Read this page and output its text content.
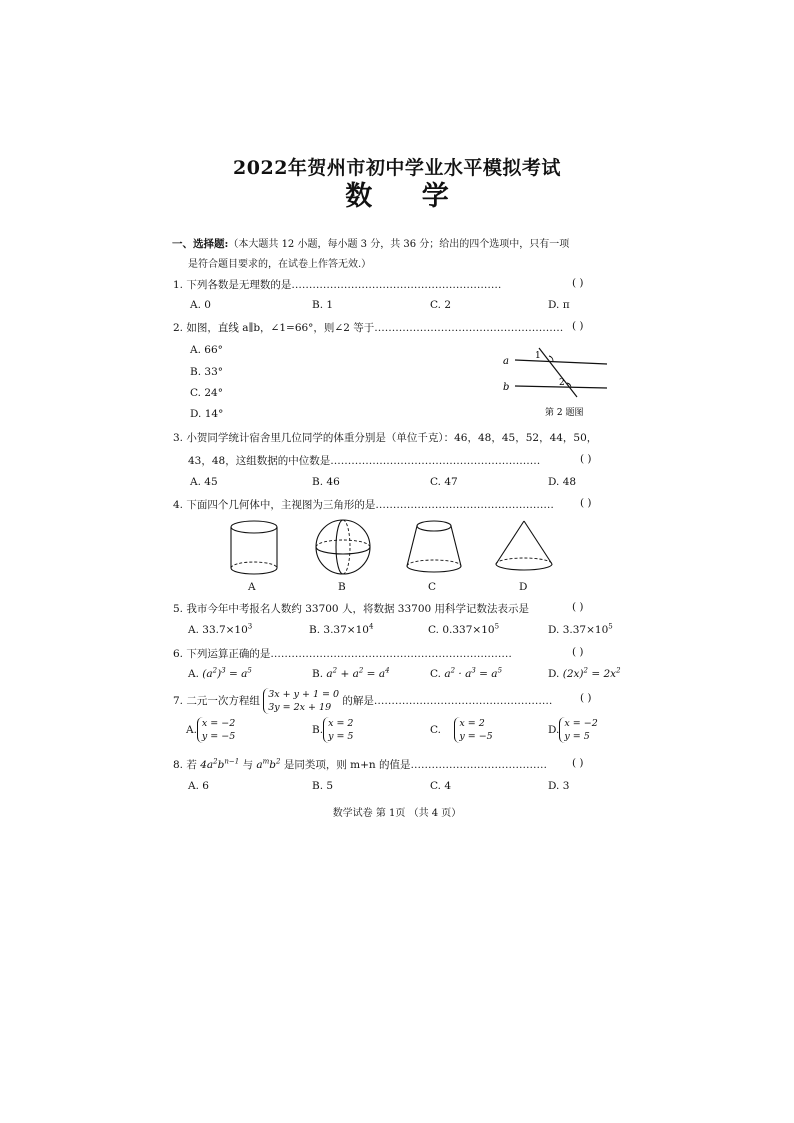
2022年贺州市初中学业水平模拟考试
数 学
一、选择题:（本大题共 12 小题，每小题 3 分，共 36 分；给出的四个选项中，只有一项
是符合题目要求的，在试卷上作答无效.）
1. 下列各数是无理数的是……………………………………………………	( )
A. 0	B. 1	C. 2	D. π
2. 如图，直线 a∥b，∠1=66°，则∠2 等于……………………………………………… ( )
A. 66°
B. 33°
C. 24°
D. 14°
a
b
1
2
第 2 题图
3. 小贺同学统计宿舍里几位同学的体重分别是（单位千克）：46，48，45，52，44，50，
43，48，这组数据的中位数是……………………………………………………	( )
A. 45	B. 46	C. 47	D. 48
4. 下面四个几何体中，主视图为三角形的是…………………………………………… ( )
A	B	C	D
5. 我市今年中考报名人数约 33700 人，将数据 33700 用科学记数法表示是	( )
A. $33.7\times 10^3$	B. $3.37\times 10^4$	C. $0.337\times 10^5$	D. $3.37\times 10^5$
6. 下列运算正确的是……………………………………………………………	( )
A. $(a^2)^3 = a^5$	B. $a^2 + a^2 = a^4$	C. $a^2 \cdot a^3 = a^5$	D. $(2x)^2 = 2x^2$
7. 二元一次方程组 3x + y + 1 = 0
3y = 2x + 19 的解是……………………………………………	( )
A.x = −2
y = −5
B.x = 2
y = 5
C. x = 2
y = −5
D.x = −2
y = 5
8. 若 $4a^2b^{n-1}$ 与 $a^mb^2$ 是同类项，则 m+n 的值是………………………………… ( )
A. 6	B. 5	C. 4	D. 3
数学试卷 第 1页 （共 4 页）
